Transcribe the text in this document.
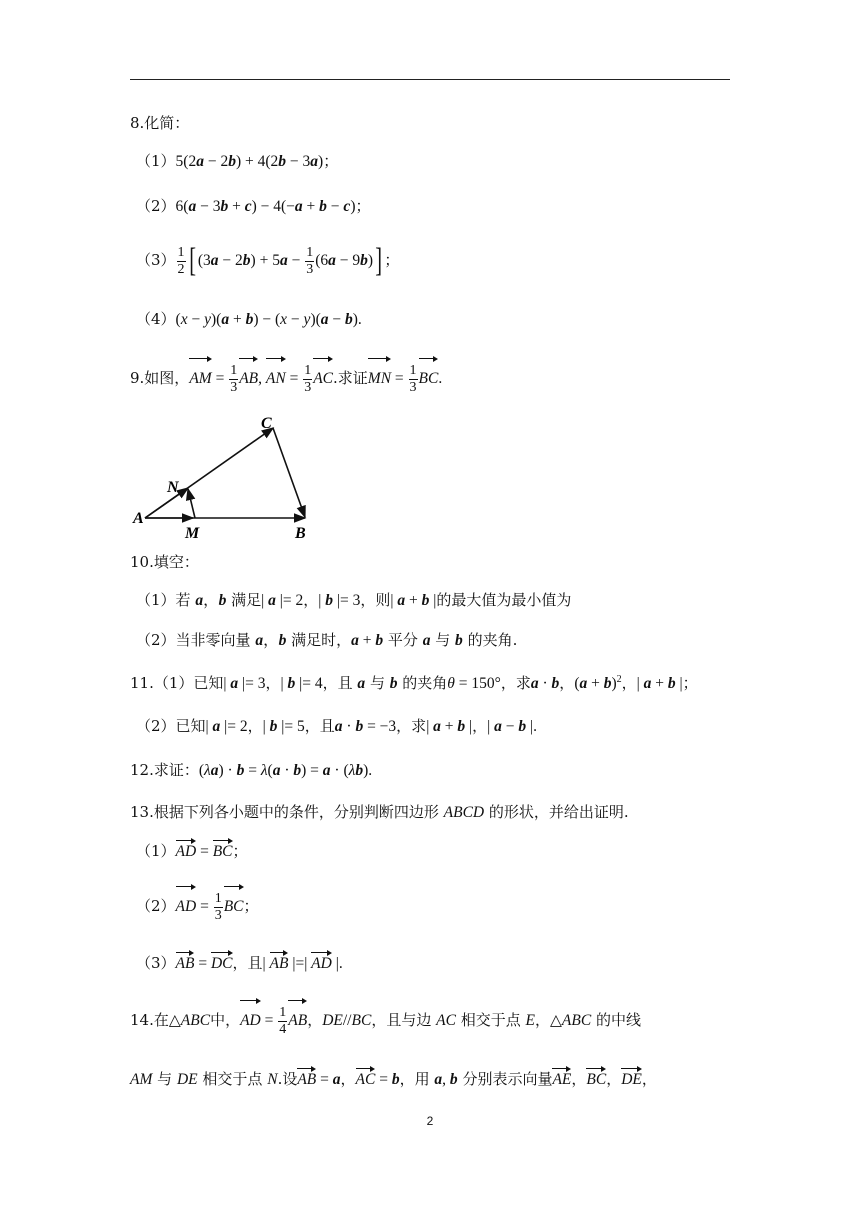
8.化简：
（1）5(2a − 2b) + 4(2b − 3a)；
（2）6(a − 3b + c) − 4(−a + b − c)；
$(3) \frac{1}{2}$ [ $(3a - 2b) + 5a - \frac{1}{3} (6a - 9b)$] ；
（4）(x − y)(a + b) − (x − y)(a − b).
9.如图，AM = $\frac{1}{3}$ AB, AN = $\frac{1}{3}$ AC.求证MN = $\frac{1}{3}$ BC.
A
B
C
M
N
10.填空：
（1）若 a，b 满足| a |= 2，| b |= 3，则| a + b |的最大值为最小值为
（2）当非零向量 a，b 满足时，a + b 平分 a 与 b 的夹角.
11.（1）已知| a |= 3，| b |= 4，且 a 与 b 的夹角θ = 150°，求a · b，$(a + b)^2$，| a + b |；
（2）已知| a |= 2，| b |= 5，且a · b = −3，求| a + b |，| a − b |.
12.求证：(λa) · b = λ(a · b) = a · (λb).
13.根据下列各小题中的条件，分别判断四边形 ABCD 的形状，并给出证明.
（1）AD = BC；
$(2)AD = \frac{1}{3}$ BC；
（3）AB = DC，且| AB |=| AD |.
14.在△ABC中，AD = $\frac{1}{4}$ AB，DE//BC，且与边 AC 相交于点 E，△ABC 的中线
AM 与 DE 相交于点 N.设AB = a，AC = b，用 a, b 分别表示向量AE，BC，DE，
2
